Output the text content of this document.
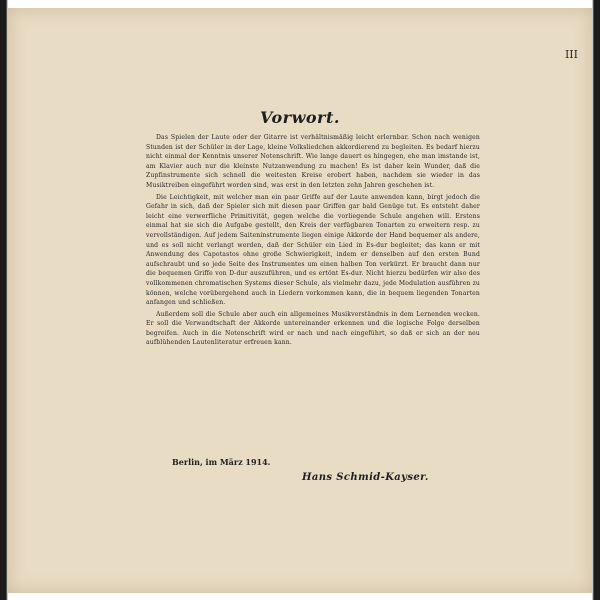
III
Vorwort.

Das Spielen der Laute oder der Gitarre ist verhältnismäßig leicht erlernbar. Schon nach wenigen Stunden ist der Schüler in der Lage, kleine Volksliedchen akkordierend zu begleiten. Es bedarf hierzu nicht einmal der Kenntnis unserer Notenschrift. Wie lange dauert es hingegen, ehe man imstande ist, am Klavier auch nur die kleinste Nutzanwendung zu machen! Es ist daher kein Wunder, daß die Zupfinstrumente sich schnell die weitesten Kreise erobert haben, nachdem sie wieder in das Musiktreiben eingeführt worden sind, was erst in den letzten zehn Jahren geschehen ist.

Die Leichtigkeit, mit welcher man ein paar Griffe auf der Laute anwenden kann, birgt jedoch die Gefahr in sich, daß der Spieler sich mit diesen paar Griffen gar bald Genüge tut. Es entsteht daher leicht eine verwerfliche Primitivität, gegen welche die vorliegende Schule angehen will. Erstens einmal hat sie sich die Aufgabe gestellt, den Kreis der verfügbaren Tonarten zu erweitern resp. zu vervollständigen. Auf jedem Saiteninstrumente liegen einige Akkorde der Hand bequemer als andere, und es soll nicht verlangt werden, daß der Schüler ein Lied in Es-dur begleitet; das kann er mit Anwendung des Capotastos ohne große Schwierigkeit, indem er denselben auf den ersten Bund aufschraubt und so jede Seite des Instrumentes um einen halben Ton verkürzt. Er braucht dann nur die bequemen Griffe von D-dur auszuführen, und es ertönt Es-dur. Nicht hierzu bedürfen wir also des vollkommenen chromatischen Systems dieser Schule, als vielmehr dazu, jede Modulation ausführen zu können, welche vorübergehend auch in Liedern vorkommen kann, die in bequem liegenden Tonarten anfangen und schließen.

Außerdem soll die Schule aber auch ein allgemeines Musikverständnis in dem Lernenden wecken. Er soll die Verwandtschaft der Akkorde untereinander erkennen und die logische Folge derselben begreifen. Auch in die Notenschrift wird er nach und nach eingeführt, so daß er sich an der neu aufblühenden Lautenliteratur erfreuen kann.

Berlin, im März 1914.
Hans Schmid-Kayser.
